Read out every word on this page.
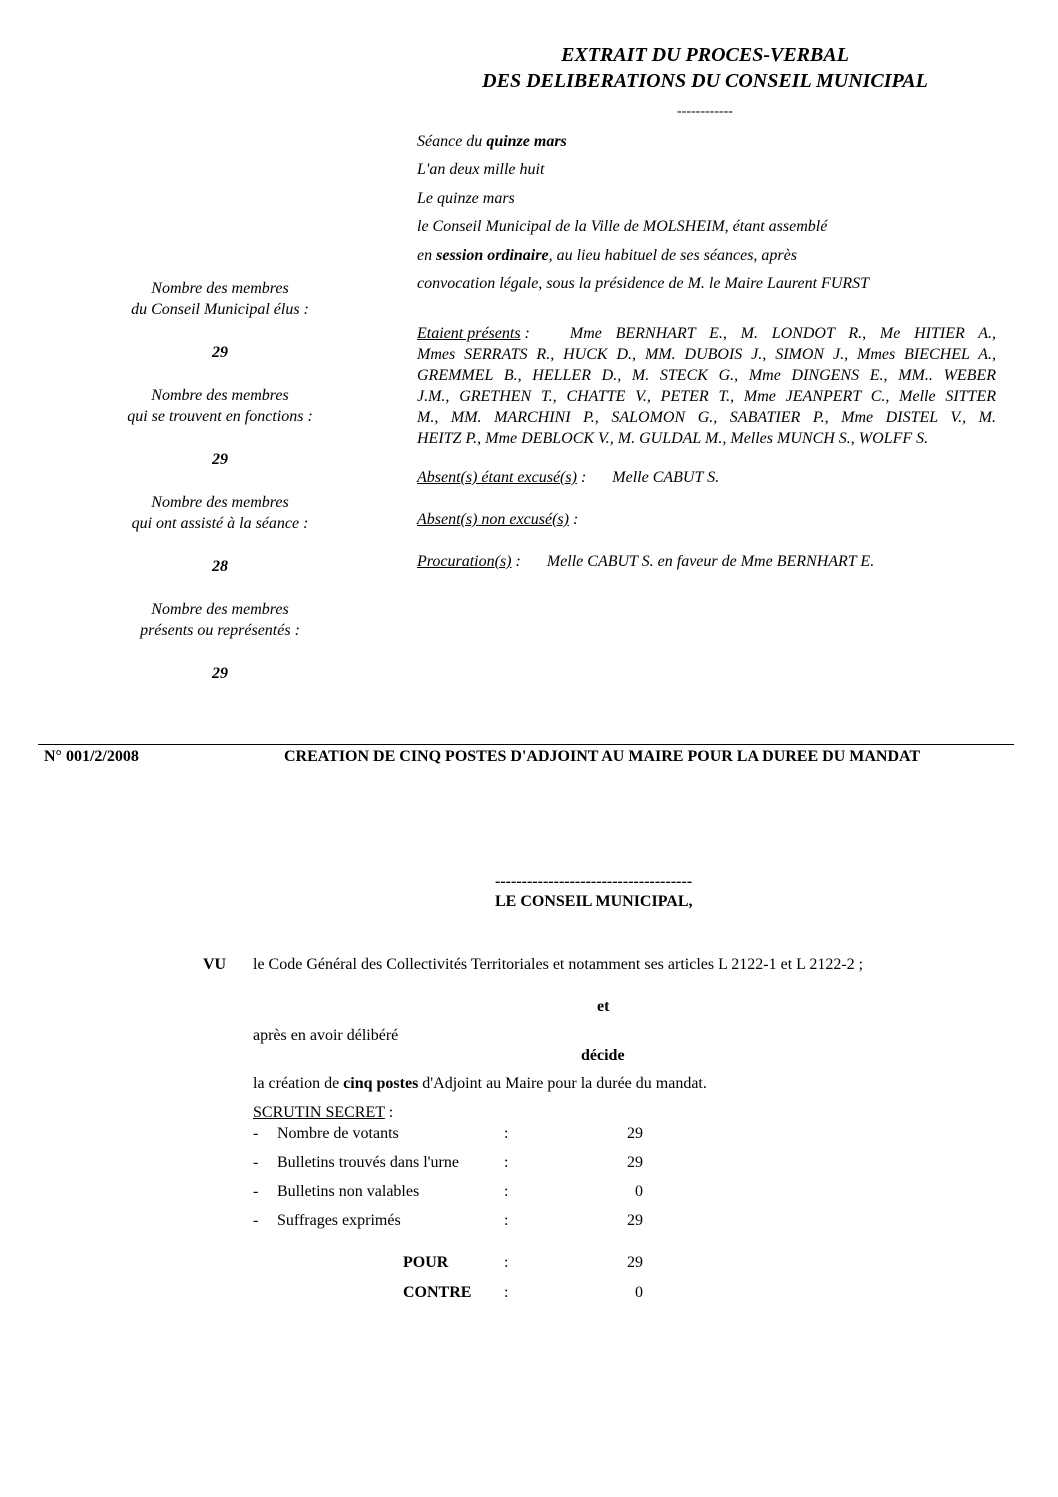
EXTRAIT DU PROCES-VERBAL
DES DELIBERATIONS DU CONSEIL MUNICIPAL
------------
Séance du quinze mars
L'an deux mille huit
Le quinze mars
le Conseil Municipal de la Ville de MOLSHEIM, étant assemblé
en session ordinaire, au lieu habituel de ses séances, après
convocation légale, sous la présidence de M. le Maire Laurent FURST
Nombre des membres
du Conseil Municipal élus :
29
Nombre des membres
qui se trouvent en fonctions :
29
Nombre des membres
qui ont assisté à la séance :
28
Nombre des membres
présents ou représentés :
29
Etaient présents :	Mme BERNHART E., M. LONDOT R., Me HITIER A.,
Mmes SERRATS R., HUCK D., MM. DUBOIS J., SIMON J., Mmes BIECHEL A.,
GREMMEL B., HELLER D., M. STECK G., Mme DINGENS E., MM.. WEBER
J.M., GRETHEN T., CHATTE V., PETER T., Mme JEANPERT C., Melle SITTER
M., MM. MARCHINI P., SALOMON G., SABATIER P., Mme DISTEL V., M.
HEITZ P., Mme DEBLOCK V., M. GULDAL M., Melles MUNCH S., WOLFF S.
Absent(s) étant excusé(s) : Melle CABUT S.
Absent(s) non excusé(s) :
Procuration(s) : Melle CABUT S. en faveur de Mme BERNHART E.
N° 001/2/2008	CREATION DE CINQ POSTES D'ADJOINT AU MAIRE POUR LA DUREE DU MANDAT
-------------------------------------
LE CONSEIL MUNICIPAL,
VU le Code Général des Collectivités Territoriales et notamment ses articles L 2122-1 et L 2122-2 ;
et
après en avoir délibéré
décide
la création de cinq postes d'Adjoint au Maire pour la durée du mandat.
SCRUTIN SECRET :
- Nombre de votants	:	29
- Bulletins trouvés dans l'urne	:	29
- Bulletins non valables	:	0
- Suffrages exprimés	:	29
POUR	:	29
CONTRE :	0
